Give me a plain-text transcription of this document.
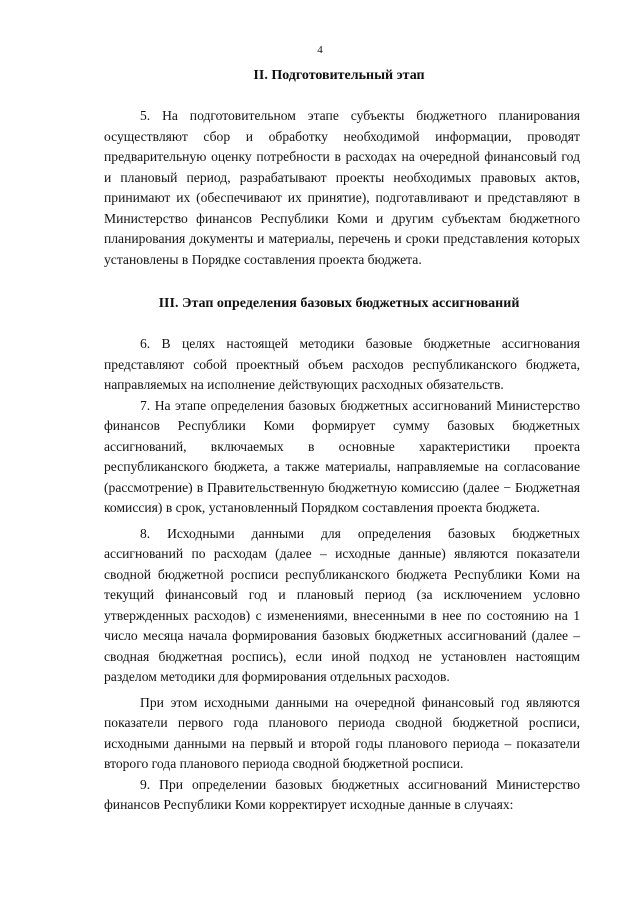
4
II. Подготовительный этап

5. На подготовительном этапе субъекты бюджетного планирования осуществляют сбор и обработку необходимой информации, проводят предварительную оценку потребности в расходах на очередной финансовый год и плановый период, разрабатывают проекты необходимых правовых актов, принимают их (обеспечивают их принятие), подготавливают и представляют в Министерство финансов Республики Коми и другим субъектам бюджетного планирования документы и материалы, перечень и сроки представления которых установлены в Порядке составления проекта бюджета.

III. Этап определения базовых бюджетных ассигнований

6. В целях настоящей методики базовые бюджетные ассигнования представляют собой проектный объем расходов республиканского бюджета, направляемых на исполнение действующих расходных обязательств.

7. На этапе определения базовых бюджетных ассигнований Министерство финансов Республики Коми формирует сумму базовых бюджетных ассигнований, включаемых в основные характеристики проекта республиканского бюджета, а также материалы, направляемые на согласование (рассмотрение) в Правительственную бюджетную комиссию (далее − Бюджетная комиссия) в срок, установленный Порядком составления проекта бюджета.

8. Исходными данными для определения базовых бюджетных ассигнований по расходам (далее – исходные данные) являются показатели сводной бюджетной росписи республиканского бюджета Республики Коми на текущий финансовый год и плановый период (за исключением условно утвержденных расходов) с изменениями, внесенными в нее по состоянию на 1 число месяца начала формирования базовых бюджетных ассигнований (далее – сводная бюджетная роспись), если иной подход не установлен настоящим разделом методики для формирования отдельных расходов.

При этом исходными данными на очередной финансовый год являются показатели первого года планового периода сводной бюджетной росписи, исходными данными на первый и второй годы планового периода – показатели второго года планового периода сводной бюджетной росписи.

9. При определении базовых бюджетных ассигнований Министерство финансов Республики Коми корректирует исходные данные в случаях:
